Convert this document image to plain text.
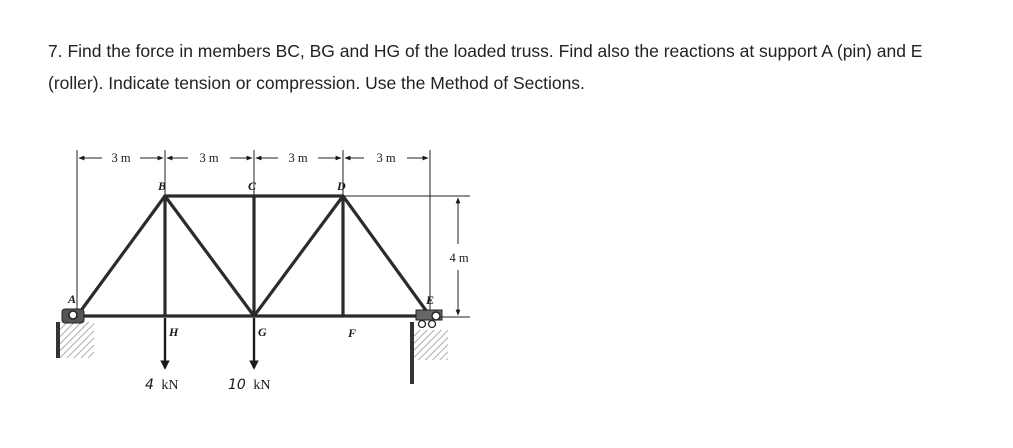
7. Find the force in members BC, BG and HG of the loaded truss. Find also the reactions at support A (pin) and E
(roller). Indicate tension or compression. Use the Method of Sections.
3 m	3 m	3 m	3 m
4 m
A
B	C	D
E
F
G
H
4 kN	10 kN
